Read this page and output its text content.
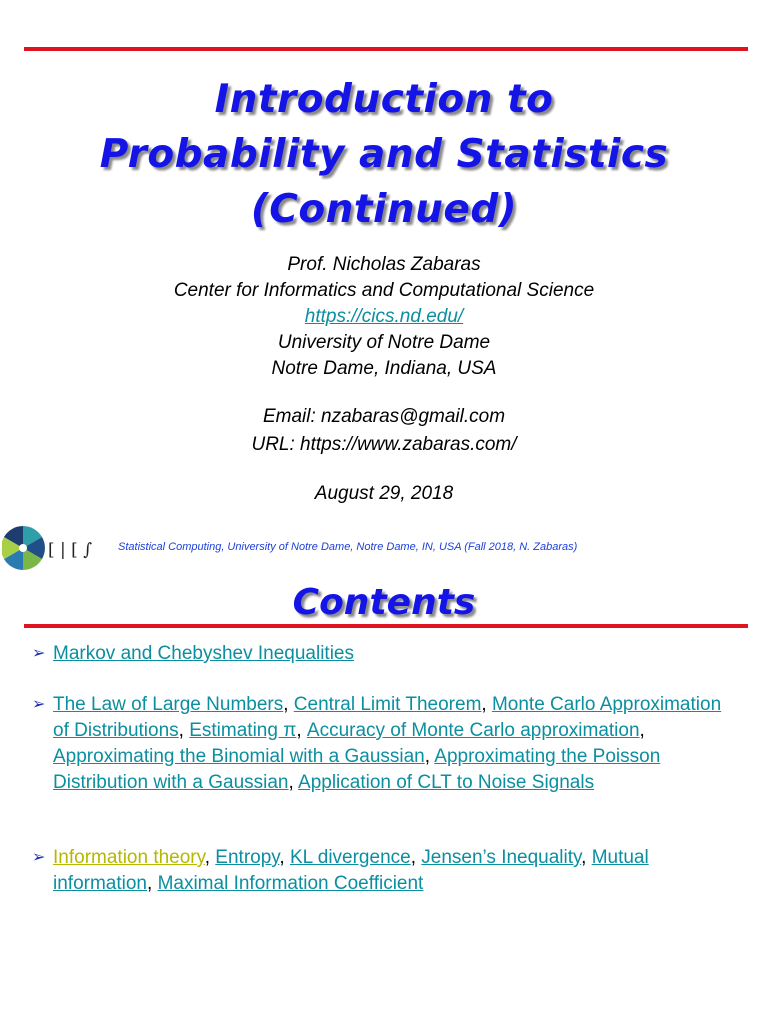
Introduction to
Probability and Statistics
(Continued)
Prof. Nicholas Zabaras
Center for Informatics and Computational Science
https://cics.nd.edu/
University of Notre Dame
Notre Dame, Indiana, USA
Email: nzabaras@gmail.com
URL: https://www.zabaras.com/
August 29, 2018
[ | [ ∫ Statistical Computing, University of Notre Dame, Notre Dame, IN, USA (Fall 2018, N. Zabaras)
Contents
➢ Markov and Chebyshev Inequalities
➢ The Law of Large Numbers, Central Limit Theorem, Monte Carlo Approximation of Distributions, Estimating π, Accuracy of Monte Carlo approximation, Approximating the Binomial with a Gaussian, Approximating the Poisson Distribution with a Gaussian, Application of CLT to Noise Signals
➢ Information theory, Entropy, KL divergence, Jensen’s Inequality, Mutual information, Maximal Information Coefficient
